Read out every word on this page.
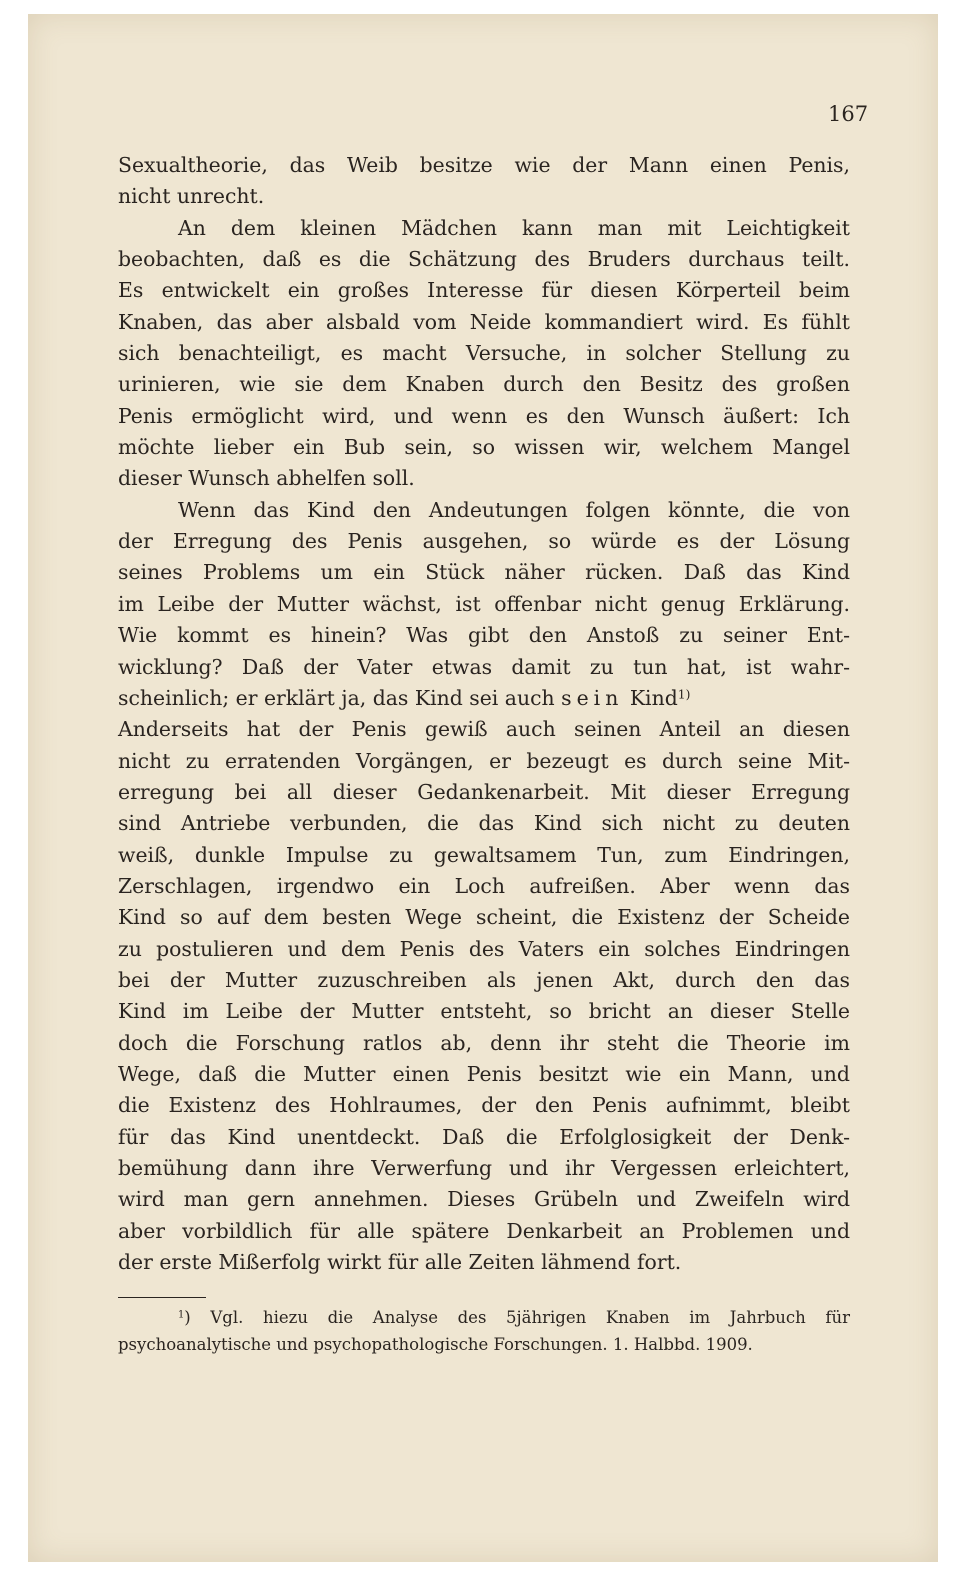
167
Sexualtheorie, das Weib besitze wie der Mann einen Penis,
nicht unrecht.
An dem kleinen Mädchen kann man mit Leichtigkeit
beobachten, daß es die Schätzung des Bruders durchaus teilt.
Es entwickelt ein großes Interesse für diesen Körperteil beim
Knaben, das aber alsbald vom Neide kommandiert wird. Es fühlt
sich benachteiligt, es macht Versuche, in solcher Stellung zu
urinieren, wie sie dem Knaben durch den Besitz des großen
Penis ermöglicht wird, und wenn es den Wunsch äußert: Ich
möchte lieber ein Bub sein, so wissen wir, welchem Mangel
dieser Wunsch abhelfen soll.
Wenn das Kind den Andeutungen folgen könnte, die von
der Erregung des Penis ausgehen, so würde es der Lösung
seines Problems um ein Stück näher rücken. Daß das Kind
im Leibe der Mutter wächst, ist offenbar nicht genug Erklärung.
Wie kommt es hinein? Was gibt den Anstoß zu seiner Ent-
wicklung? Daß der Vater etwas damit zu tun hat, ist wahr-
scheinlich; er erklärt ja, das Kind sei auch sein Kind$^{1)}$
Anderseits hat der Penis gewiß auch seinen Anteil an diesen
nicht zu erratenden Vorgängen, er bezeugt es durch seine Mit-
erregung bei all dieser Gedankenarbeit. Mit dieser Erregung
sind Antriebe verbunden, die das Kind sich nicht zu deuten
weiß, dunkle Impulse zu gewaltsamem Tun, zum Eindringen,
Zerschlagen, irgendwo ein Loch aufreißen. Aber wenn das
Kind so auf dem besten Wege scheint, die Existenz der Scheide
zu postulieren und dem Penis des Vaters ein solches Eindringen
bei der Mutter zuzuschreiben als jenen Akt, durch den das
Kind im Leibe der Mutter entsteht, so bricht an dieser Stelle
doch die Forschung ratlos ab, denn ihr steht die Theorie im
Wege, daß die Mutter einen Penis besitzt wie ein Mann, und
die Existenz des Hohlraumes, der den Penis aufnimmt, bleibt
für das Kind unentdeckt. Daß die Erfolglosigkeit der Denk-
bemühung dann ihre Verwerfung und ihr Vergessen erleichtert,
wird man gern annehmen. Dieses Grübeln und Zweifeln wird
aber vorbildlich für alle spätere Denkarbeit an Problemen und
der erste Mißerfolg wirkt für alle Zeiten lähmend fort.
$^1$) Vgl. hiezu die Analyse des 5jährigen Knaben im Jahrbuch für
psychoanalytische und psychopathologische Forschungen. 1. Halbbd. 1909.
